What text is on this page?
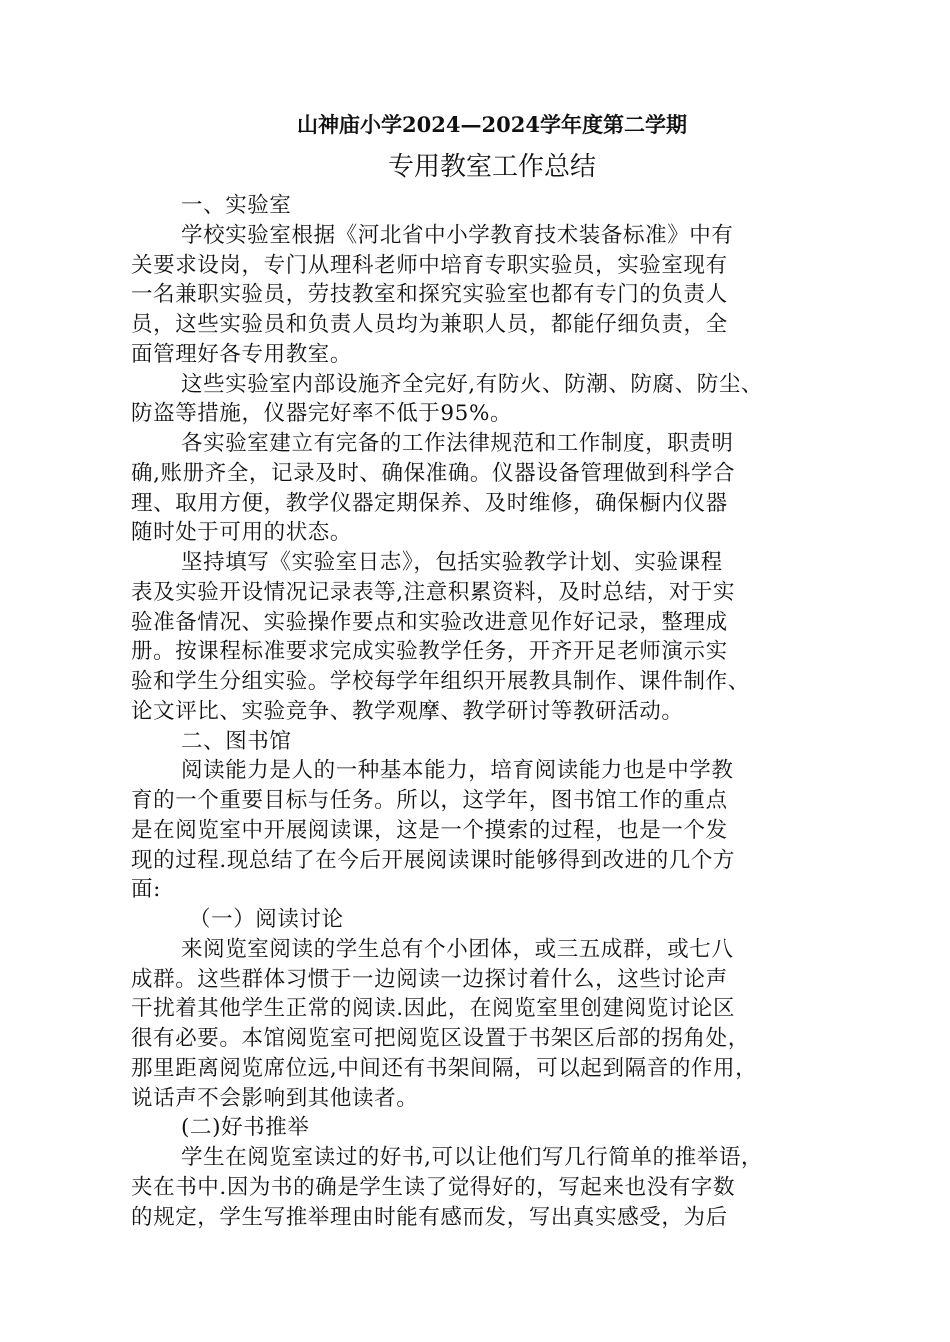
山神庙小学2024—2024学年度第二学期
专用教室工作总结
一、实验室
学校实验室根据《河北省中小学教育技术装备标准》中有
关要求设岗，专门从理科老师中培育专职实验员，实验室现有
一名兼职实验员，劳技教室和探究实验室也都有专门的负责人
员，这些实验员和负责人员均为兼职人员，都能仔细负责，全
面管理好各专用教室。
这些实验室内部设施齐全完好,有防火、防潮、防腐、防尘、
防盗等措施，仪器完好率不低于95%。
各实验室建立有完备的工作法律规范和工作制度，职责明
确,账册齐全，记录及时、确保准确。仪器设备管理做到科学合
理、取用方便，教学仪器定期保养、及时维修，确保橱内仪器
随时处于可用的状态。
坚持填写《实验室日志》，包括实验教学计划、实验课程
表及实验开设情况记录表等,注意积累资料，及时总结，对于实
验准备情况、实验操作要点和实验改进意见作好记录，整理成
册。按课程标准要求完成实验教学任务，开齐开足老师演示实
验和学生分组实验。学校每学年组织开展教具制作、课件制作、
论文评比、实验竞争、教学观摩、教学研讨等教研活动。
二、图书馆
阅读能力是人的一种基本能力，培育阅读能力也是中学教
育的一个重要目标与任务。所以，这学年，图书馆工作的重点
是在阅览室中开展阅读课，这是一个摸索的过程，也是一个发
现的过程.现总结了在今后开展阅读课时能够得到改进的几个方
面:
（一）阅读讨论
来阅览室阅读的学生总有个小团体，或三五成群，或七八
成群。这些群体习惯于一边阅读一边探讨着什么，这些讨论声
干扰着其他学生正常的阅读.因此，在阅览室里创建阅览讨论区
很有必要。本馆阅览室可把阅览区设置于书架区后部的拐角处，
那里距离阅览席位远,中间还有书架间隔，可以起到隔音的作用，
说话声不会影响到其他读者。
(二)好书推举
学生在阅览室读过的好书,可以让他们写几行简单的推举语，
夹在书中.因为书的确是学生读了觉得好的，写起来也没有字数
的规定，学生写推举理由时能有感而发，写出真实感受，为后
